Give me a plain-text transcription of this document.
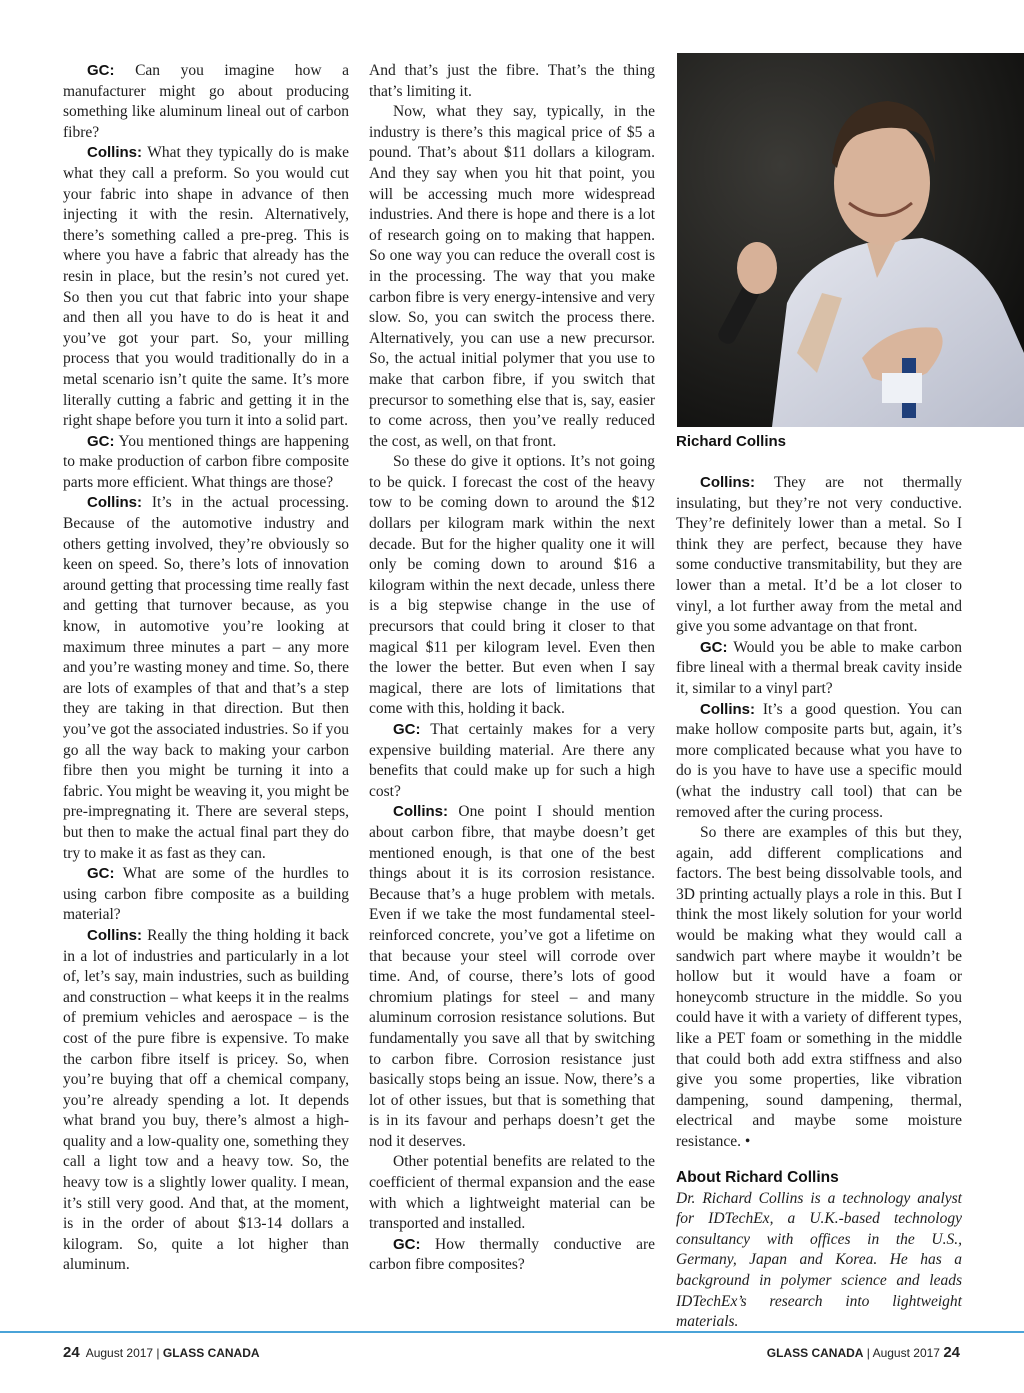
GC: Can you imagine how a manufacturer might go about producing something like aluminum lineal out of carbon fibre?

Collins: What they typically do is make what they call a preform. So you would cut your fabric into shape in advance of then injecting it with the resin. Alternatively, there’s something called a pre-preg. This is where you have a fabric that already has the resin in place, but the resin’s not cured yet. So then you cut that fabric into your shape and then all you have to do is heat it and you’ve got your part. So, your milling process that you would traditionally do in a metal scenario isn’t quite the same. It’s more literally cutting a fabric and getting it in the right shape before you turn it into a solid part.

GC: You mentioned things are happening to make production of carbon fibre composite parts more efficient. What things are those?

Collins: It’s in the actual processing. Because of the automotive industry and others getting involved, they’re obviously so keen on speed. So, there’s lots of innovation around getting that processing time really fast and getting that turnover because, as you know, in automotive you’re looking at maximum three minutes a part – any more and you’re wasting money and time. So, there are lots of examples of that and that’s a step they are taking in that direction. But then you’ve got the associated industries. So if you go all the way back to making your carbon fibre then you might be turning it into a fabric. You might be weaving it, you might be pre-impregnating it. There are several steps, but then to make the actual final part they do try to make it as fast as they can.

GC: What are some of the hurdles to using carbon fibre composite as a building material?

Collins: Really the thing holding it back in a lot of industries and particularly in a lot of, let’s say, main industries, such as building and construction – what keeps it in the realms of premium vehicles and aerospace – is the cost of the pure fibre is expensive. To make the carbon fibre itself is pricey. So, when you’re buying that off a chemical company, you’re already spending a lot. It depends what brand you buy, there’s almost a high-quality and a low-quality one, something they call a light tow and a heavy tow. So, the heavy tow is a slightly lower quality. I mean, it’s still very good. And that, at the moment, is in the order of about $13-14 dollars a kilogram. So, quite a lot higher than aluminum.

And that’s just the fibre. That’s the thing that’s limiting it.

Now, what they say, typically, in the industry is there’s this magical price of $5 a pound. That’s about $11 dollars a kilogram. And they say when you hit that point, you will be accessing much more widespread industries. And there is hope and there is a lot of research going on to making that happen. So one way you can reduce the overall cost is in the processing. The way that you make carbon fibre is very energy-intensive and very slow. So, you can switch the process there. Alternatively, you can use a new precursor. So, the actual initial polymer that you use to make that carbon fibre, if you switch that precursor to something else that is, say, easier to come across, then you’ve really reduced the cost, as well, on that front.

So these do give it options. It’s not going to be quick. I forecast the cost of the heavy tow to be coming down to around the $12 dollars per kilogram mark within the next decade. But for the higher quality one it will only be coming down to around $16 a kilogram within the next decade, unless there is a big stepwise change in the use of precursors that could bring it closer to that magical $11 per kilogram level. Even then the lower the better. But even when I say magical, there are lots of limitations that come with this, holding it back.

GC: That certainly makes for a very expensive building material. Are there any benefits that could make up for such a high cost?

Collins: One point I should mention about carbon fibre, that maybe doesn’t get mentioned enough, is that one of the best things about it is its corrosion resistance. Because that’s a huge problem with metals. Even if we take the most fundamental steel-reinforced concrete, you’ve got a lifetime on that because your steel will corrode over time. And, of course, there’s lots of good chromium platings for steel – and many aluminum corrosion resistance solutions. But fundamentally you save all that by switching to carbon fibre. Corrosion resistance just basically stops being an issue. Now, there’s a lot of other issues, but that is something that is in its favour and perhaps doesn’t get the nod it deserves.

Other potential benefits are related to the coefficient of thermal expansion and the ease with which a lightweight material can be transported and installed.

GC: How thermally conductive are carbon fibre composites?

Richard Collins

Collins: They are not thermally insulating, but they’re not very conductive. They’re definitely lower than a metal. So I think they are perfect, because they have some conductive transmitability, but they are lower than a metal. It’d be a lot closer to vinyl, a lot further away from the metal and give you some advantage on that front.

GC: Would you be able to make carbon fibre lineal with a thermal break cavity inside it, similar to a vinyl part?

Collins: It’s a good question. You can make hollow composite parts but, again, it’s more complicated because what you have to do is you have to have use a specific mould (what the industry call tool) that can be removed after the curing process.

So there are examples of this but they, again, add different complications and factors. The best being dissolvable tools, and 3D printing actually plays a role in this. But I think the most likely solution for your world would be making what they would call a sandwich part where maybe it wouldn’t be hollow but it would have a foam or honeycomb structure in the middle. So you could have it with a variety of different types, like a PET foam or something in the middle that could both add extra stiffness and also give you some properties, like vibration dampening, sound dampening, thermal, electrical and maybe some moisture resistance. •

About Richard Collins

Dr. Richard Collins is a technology analyst for IDTechEx, a U.K.-based technology consultancy with offices in the U.S., Germany, Japan and Korea. He has a background in polymer science and leads IDTechEx’s research into lightweight materials.

24 August 2017 | GLASS CANADA	GLASS CANADA | August 2017 24
